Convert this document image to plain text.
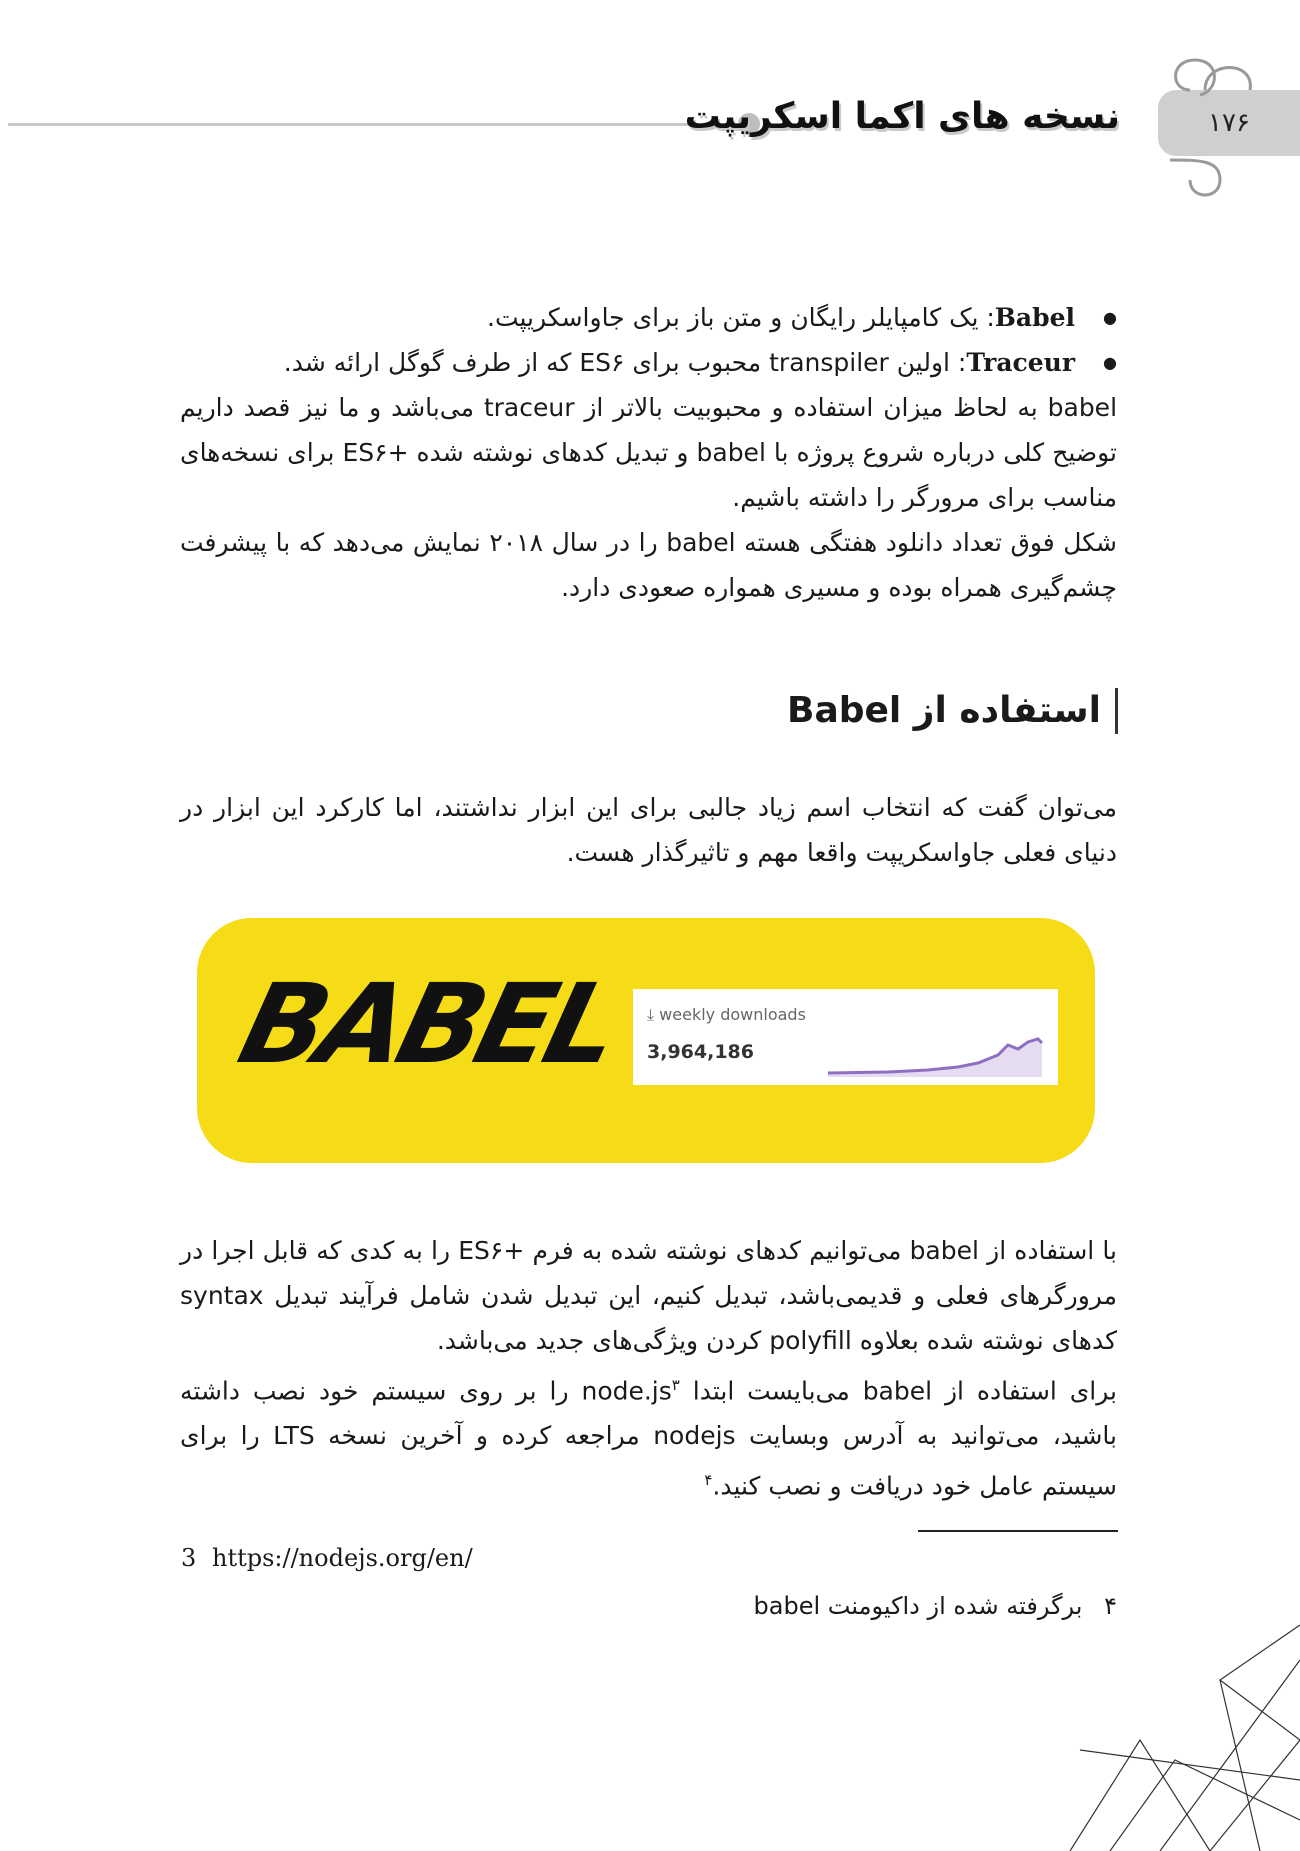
نسخه های اکما اسکریپت	۱۷۶
● Babel: یک کامپایلر رایگان و متن باز برای جاواسکریپت.
● Traceur: اولین transpiler محبوب برای ES۶ که از طرف گوگل ارائه شد.

babel به لحاظ میزان استفاده و محبوبیت بالاتر از traceur می‌باشد و ما نیز قصد داریم توضیح کلی درباره شروع پروژه با babel و تبدیل کدهای نوشته شده +ES۶ برای نسخه‌های مناسب برای مرورگر را داشته باشیم.

شکل فوق تعداد دانلود هفتگی هسته babel را در سال ۲۰۱۸ نمایش می‌دهد که با پیشرفت چشم‌گیری همراه بوده و مسیری همواره صعودی دارد.

استفاده از Babel

می‌توان گفت که انتخاب اسم زیاد جالبی برای این ابزار نداشتند، اما کارکرد این ابزار در دنیای فعلی جاواسکریپت واقعا مهم و تاثیرگذار هست.

BABEL ⤓ weekly downloads
3,964,186

با استفاده از babel می‌توانیم کدهای نوشته شده به فرم +ES۶ را به کدی که قابل اجرا در مرورگرهای فعلی و قدیمی‌باشد، تبدیل کنیم، این تبدیل شدن شامل فرآیند تبدیل syntax کدهای نوشته شده بعلاوه polyfill کردن ویژگی‌های جدید می‌باشد.

برای استفاده از babel می‌بایست ابتدا $node.js^۳$ را بر روی سیستم خود نصب داشته باشید، می‌توانید به آدرس وبسایت nodejs مراجعه کرده و آخرین نسخه LTS را برای سیستم عامل خود دریافت و نصب کنید.$^۴$

3 https://nodejs.org/en/
۴ برگرفته شده از داکیومنت babel
